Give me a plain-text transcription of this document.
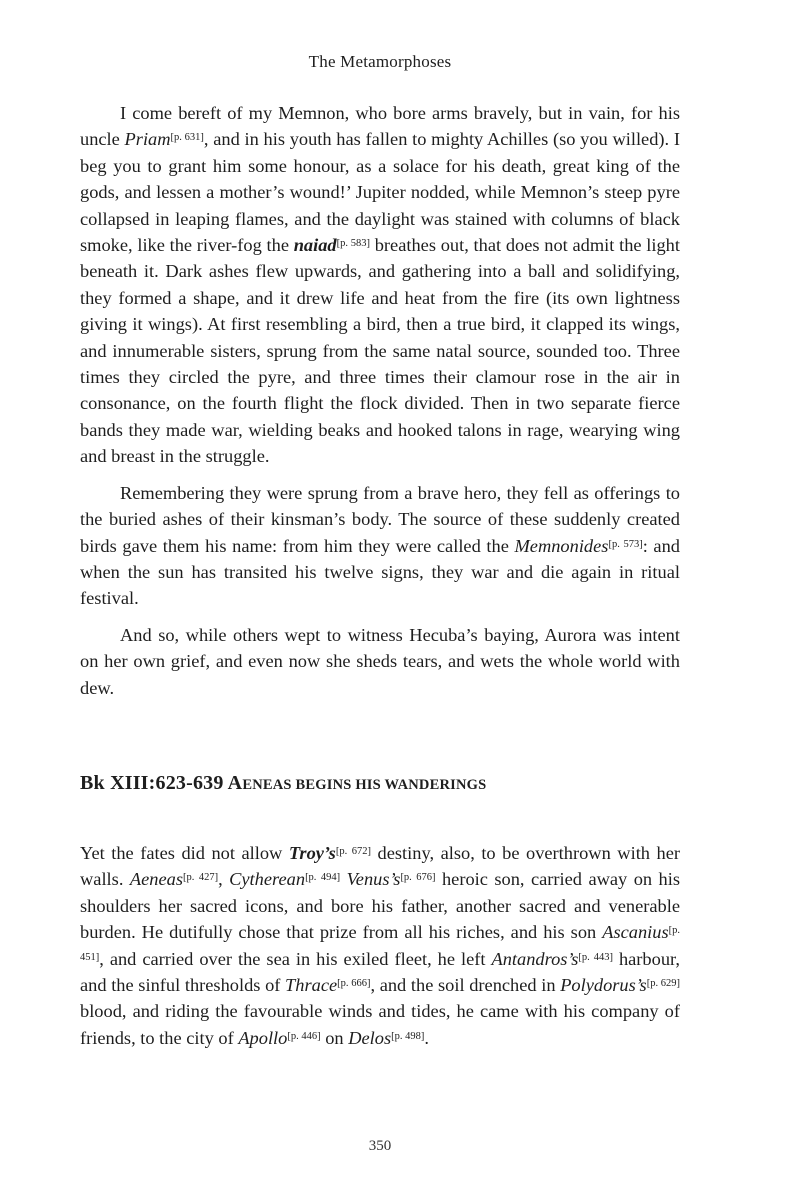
The Metamorphoses

I come bereft of my Memnon, who bore arms bravely, but in vain, for his uncle Priam[p. 631], and in his youth has fallen to mighty Achilles (so you willed). I beg you to grant him some honour, as a solace for his death, great king of the gods, and lessen a mother’s wound!’ Jupiter nodded, while Memnon’s steep pyre collapsed in leaping flames, and the daylight was stained with columns of black smoke, like the river-fog the naiad[p. 583] breathes out, that does not admit the light beneath it. Dark ashes flew upwards, and gathering into a ball and solidifying, they formed a shape, and it drew life and heat from the fire (its own lightness giving it wings). At first resembling a bird, then a true bird, it clapped its wings, and innumerable sisters, sprung from the same natal source, sounded too. Three times they circled the pyre, and three times their clamour rose in the air in consonance, on the fourth flight the flock divided. Then in two separate fierce bands they made war, wielding beaks and hooked talons in rage, wearying wing and breast in the struggle.

Remembering they were sprung from a brave hero, they fell as offerings to the buried ashes of their kinsman’s body. The source of these suddenly created birds gave them his name: from him they were called the Memnonides[p. 573]: and when the sun has transited his twelve signs, they war and die again in ritual festival.

And so, while others wept to witness Hecuba’s baying, Aurora was intent on her own grief, and even now she sheds tears, and wets the whole world with dew.

Bk XIII:623-639 AENEAS BEGINS HIS WANDERINGS

Yet the fates did not allow Troy’s[p. 672] destiny, also, to be overthrown with her walls. Aeneas[p. 427], Cytherean[p. 494] Venus’s[p. 676] heroic son, carried away on his shoulders her sacred icons, and bore his father, another sacred and venerable burden. He dutifully chose that prize from all his riches, and his son Ascanius[p. 451], and carried over the sea in his exiled fleet, he left Antandros’s[p. 443] harbour, and the sinful thresholds of Thrace[p. 666], and the soil drenched in Polydorus’s[p. 629] blood, and riding the favourable winds and tides, he came with his company of friends, to the city of Apollo[p. 446] on Delos[p. 498].

350
